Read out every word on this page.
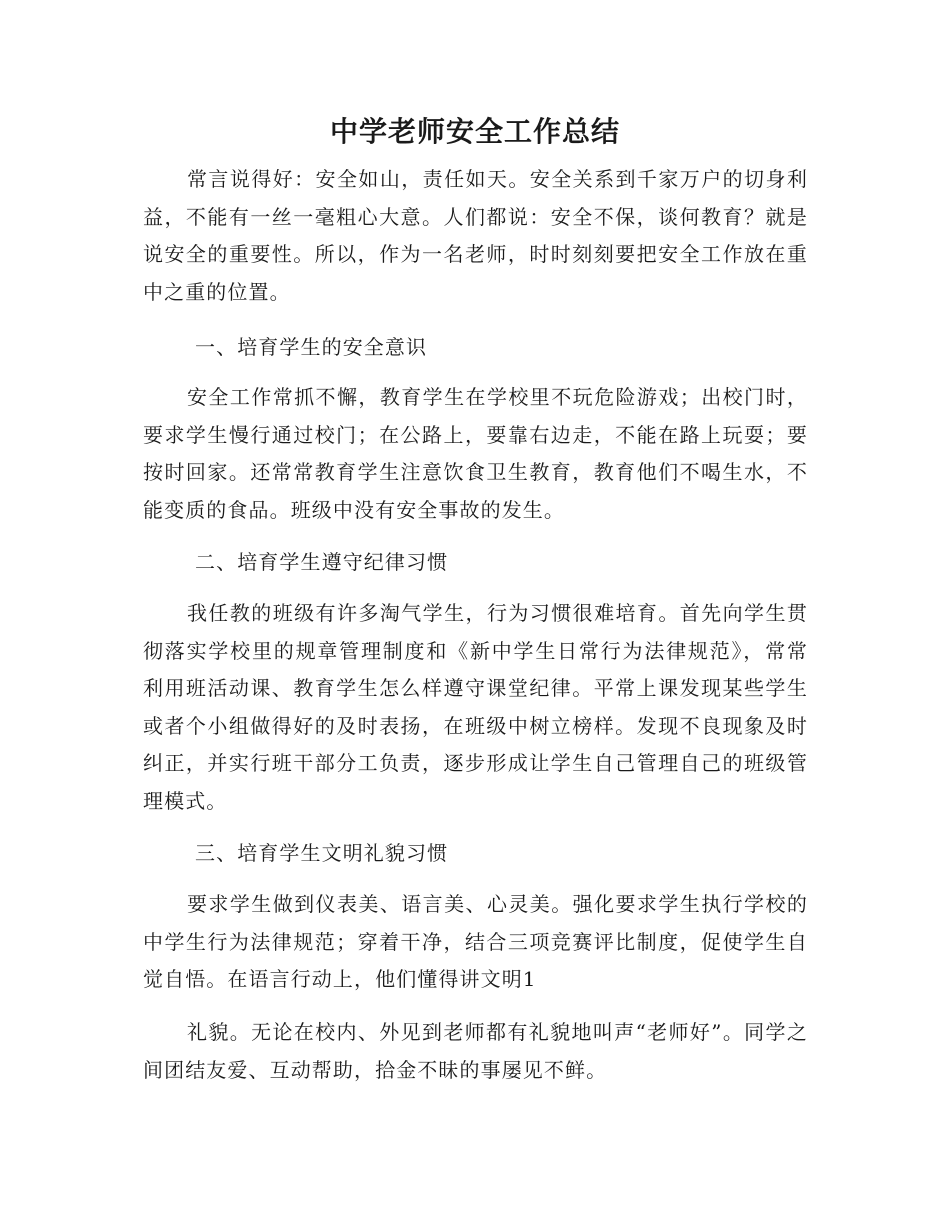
中学老师安全工作总结

常言说得好：安全如山，责任如天。安全关系到千家万户的切身利益，不能有一丝一毫粗心大意。人们都说：安全不保，谈何教育？就是说安全的重要性。所以，作为一名老师，时时刻刻要把安全工作放在重中之重的位置。

一、培育学生的安全意识

安全工作常抓不懈，教育学生在学校里不玩危险游戏；出校门时，要求学生慢行通过校门；在公路上，要靠右边走，不能在路上玩耍；要按时回家。还常常教育学生注意饮食卫生教育，教育他们不喝生水，不能变质的食品。班级中没有安全事故的发生。

二、培育学生遵守纪律习惯

我任教的班级有许多淘气学生，行为习惯很难培育。首先向学生贯彻落实学校里的规章管理制度和《新中学生日常行为法律规范》，常常利用班活动课、教育学生怎么样遵守课堂纪律。平常上课发现某些学生或者个小组做得好的及时表扬，在班级中树立榜样。发现不良现象及时纠正，并实行班干部分工负责，逐步形成让学生自己管理自己的班级管理模式。

三、培育学生文明礼貌习惯

要求学生做到仪表美、语言美、心灵美。强化要求学生执行学校的中学生行为法律规范；穿着干净，结合三项竞赛评比制度，促使学生自觉自悟。在语言行动上，他们懂得讲文明1

礼貌。无论在校内、外见到老师都有礼貌地叫声“老师好”。同学之间团结友爱、互动帮助，拾金不昧的事屡见不鲜。
